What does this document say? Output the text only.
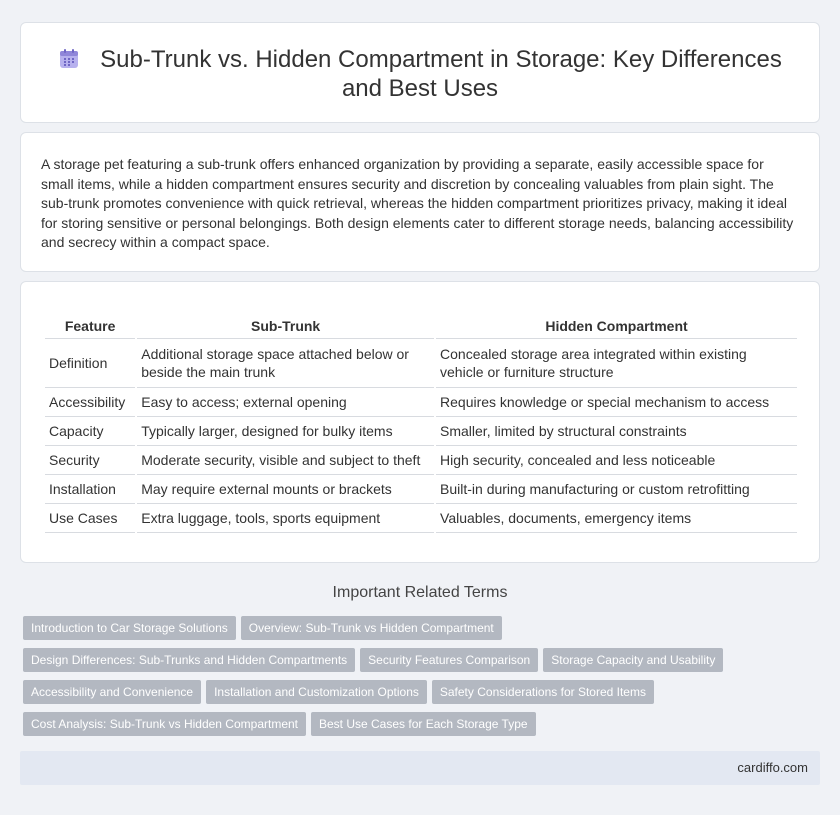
Sub-Trunk vs. Hidden Compartment in Storage: Key Differences
and Best Uses
A storage pet featuring a sub-trunk offers enhanced organization by providing a separate, easily accessible space for small items, while a hidden compartment ensures security and discretion by concealing valuables from plain sight. The sub-trunk promotes convenience with quick retrieval, whereas the hidden compartment prioritizes privacy, making it ideal for storing sensitive or personal belongings. Both design elements cater to different storage needs, balancing accessibility and secrecy within a compact space.
Feature	Sub-Trunk	Hidden Compartment
Definition	Additional storage space attached below or beside the main trunk	Concealed storage area integrated within existing vehicle or furniture structure
Accessibility	Easy to access; external opening	Requires knowledge or special mechanism to access
Capacity	Typically larger, designed for bulky items	Smaller, limited by structural constraints
Security	Moderate security, visible and subject to theft	High security, concealed and less noticeable
Installation	May require external mounts or brackets	Built-in during manufacturing or custom retrofitting
Use Cases	Extra luggage, tools, sports equipment	Valuables, documents, emergency items
Important Related Terms
Introduction to Car Storage Solutions Overview: Sub-Trunk vs Hidden Compartment
Design Differences: Sub-Trunks and Hidden Compartments Security Features Comparison Storage Capacity and Usability
Accessibility and Convenience Installation and Customization Options Safety Considerations for Stored Items
Cost Analysis: Sub-Trunk vs Hidden Compartment Best Use Cases for Each Storage Type
cardiffo.com
